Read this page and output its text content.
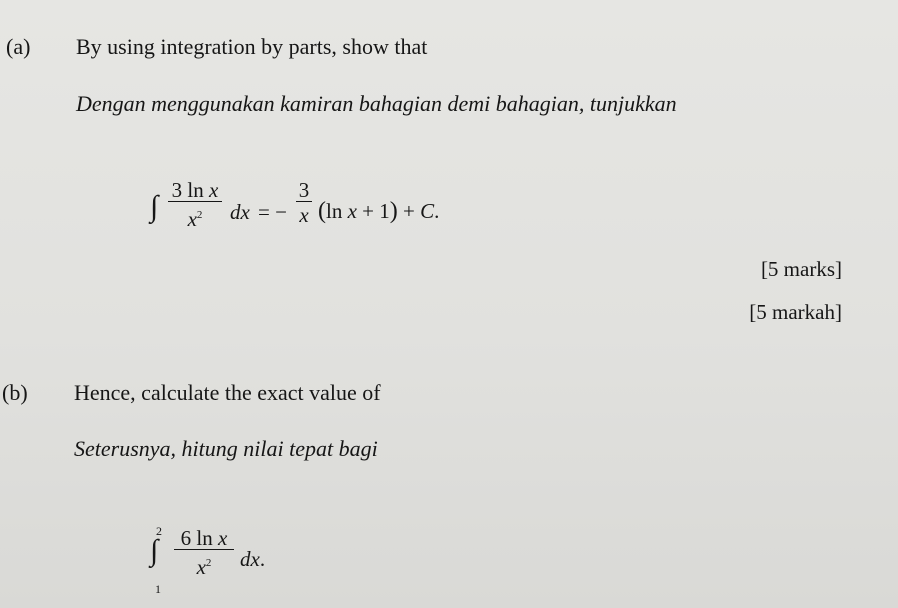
(a) By using integration by parts, show that
Dengan menggunakan kamiran bahagian demi bahagian, tunjukkan
∫ 3 ln x
$x^2$ dx = −
3
x (ln x + 1) + C.
[5 marks]
[5 markah]
(b) Hence, calculate the exact value of
Seterusnya, hitung nilai tepat bagi
2
∫
1
6 ln x
$x^2$ dx.
